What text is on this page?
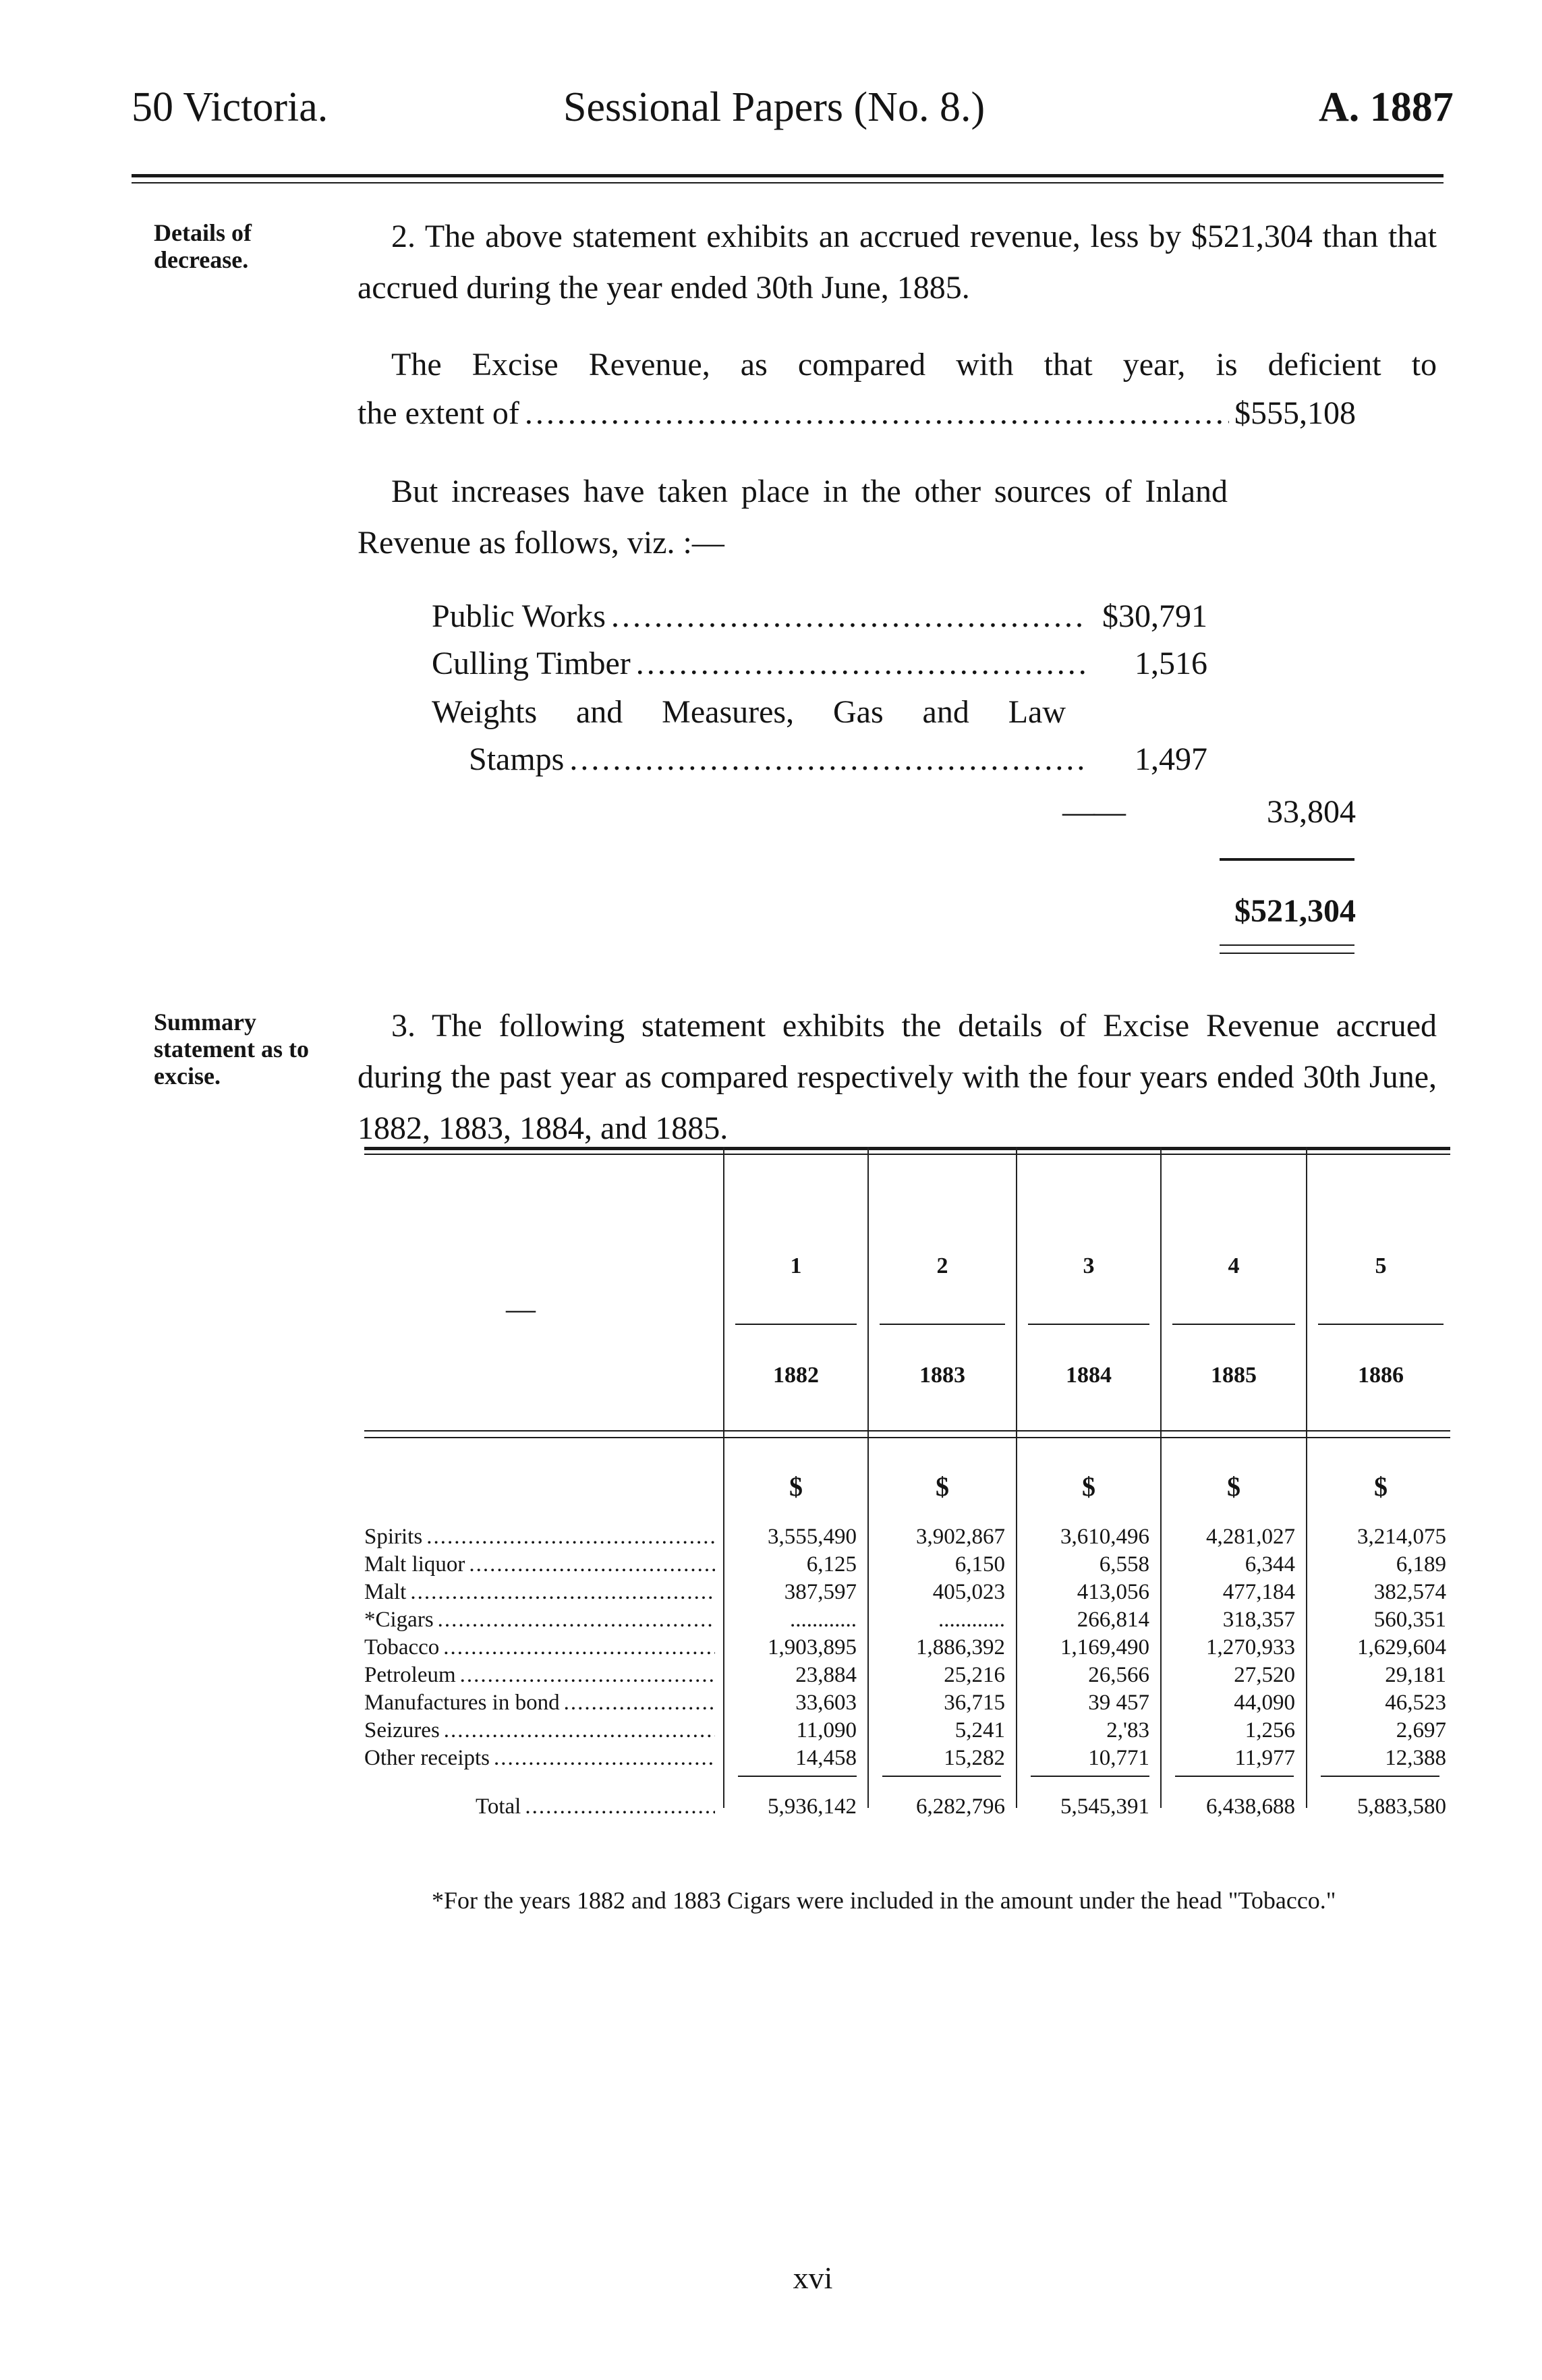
50 Victoria.	Sessional Papers (No. 8.)	A. 1887
Details of decrease.
Summary statement as to excise.
2. The above statement exhibits an accrued revenue, less by $521,304 than that accrued during the year ended 30th June, 1885.
The Excise Revenue, as compared with that year, is deficient to
the extent of .....	$555,108
But increases have taken place in the other sources of Inland Revenue as follows, viz. :—
Public Works .....	$30,791
Culling Timber .....	1,516
Weights and Measures, Gas and Law
Stamps .....	1,497
——	33,804
$521,304
3. The following statement exhibits the details of Excise Revenue accrued during the past year as compared respectively with the four years ended 30th June, 1882, 1883, 1884, and 1885.
—
1	2	3	4	5
1882	1883	1884	1885	1886
$	$	$	$	$
Spirits .....	3,555,490	3,902,867	3,610,496	4,281,027	3,214,075
Malt liquor .....	6,125	6,150	6,558	6,344	6,189
Malt .....	387,597	405,023	413,056	477,184	382,574
*Cigars .....	............	............	266,814	318,357	560,351
Tobacco .....	1,903,895	1,886,392	1,169,490	1,270,933	1,629,604
Petroleum .....	23,884	25,216	26,566	27,520	29,181
Manufactures in bond .....	33,603	36,715	39 457	44,090	46,523
Seizures .....	11,090	5,241	2,'83	1,256	2,697
Other receipts .....	14,458	15,282	10,771	11,977	12,388
Total .....	5,936,142	6,282,796	5,545,391	6,438,688	5,883,580
*For the years 1882 and 1883 Cigars were included in the amount under the head "Tobacco."
xvi
